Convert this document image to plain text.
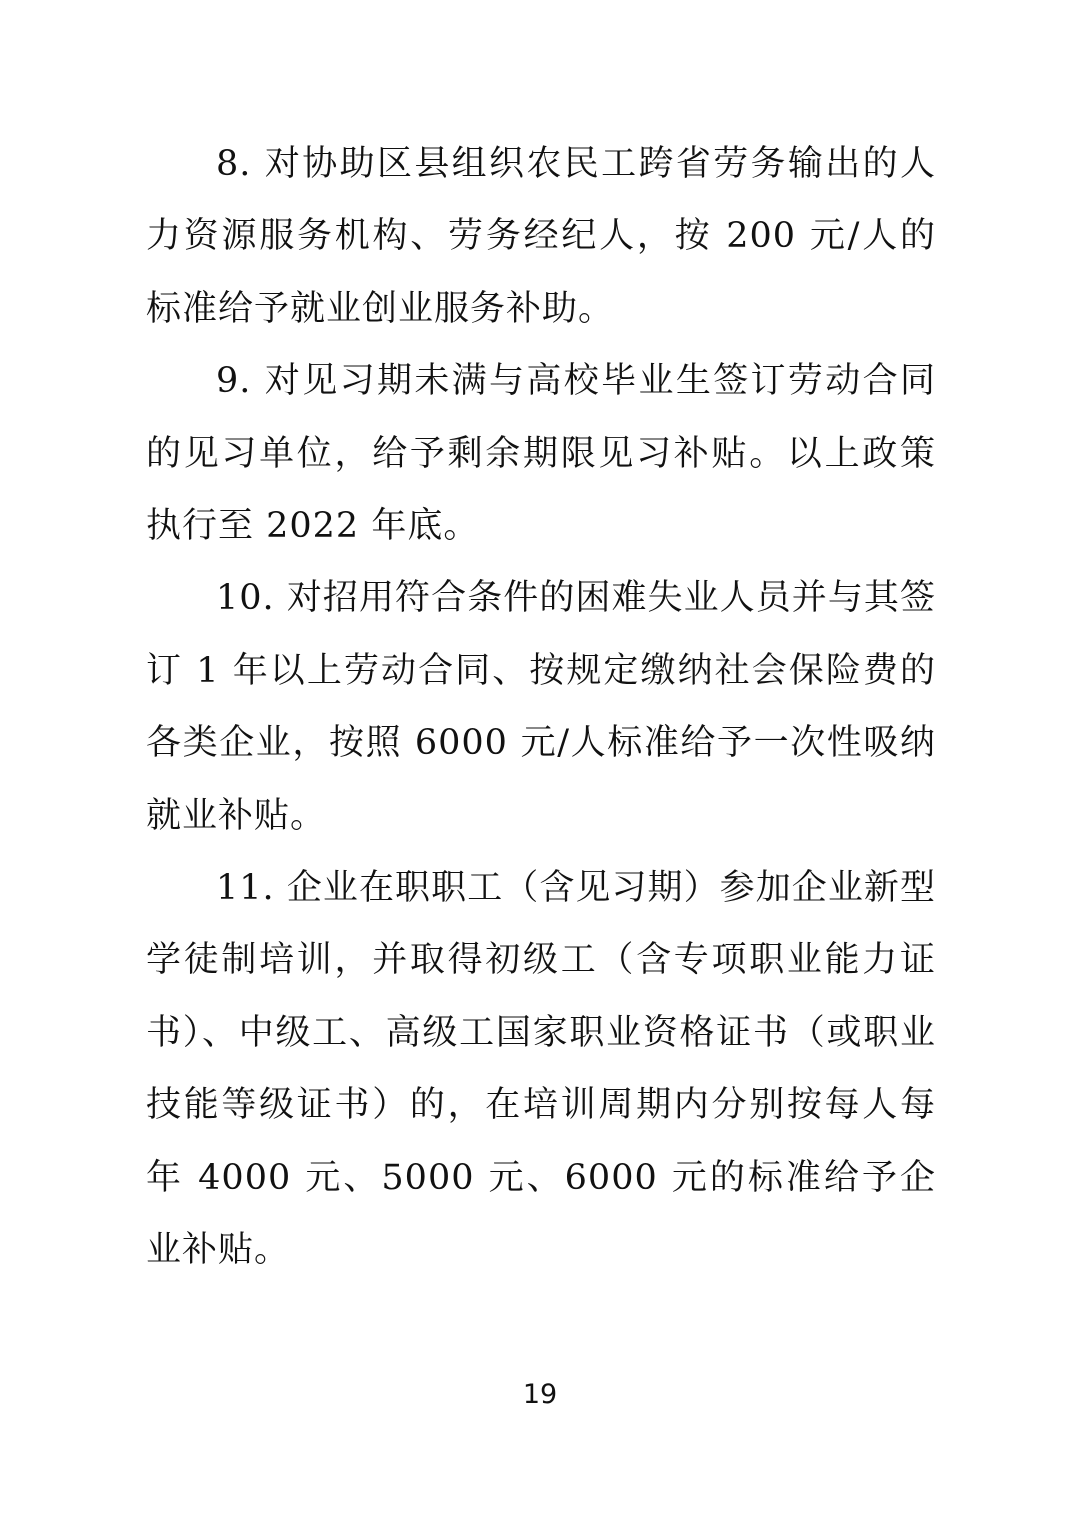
8. 对协助区县组织农民工跨省劳务输出的人力资源服务机构、劳务经纪人，按 200 元/人的标准给予就业创业服务补助。

9. 对见习期未满与高校毕业生签订劳动合同的见习单位，给予剩余期限见习补贴。以上政策执行至 2022 年底。

10. 对招用符合条件的困难失业人员并与其签订 1 年以上劳动合同、按规定缴纳社会保险费的各类企业，按照 6000 元/人标准给予一次性吸纳就业补贴。

11. 企业在职职工（含见习期）参加企业新型学徒制培训，并取得初级工（含专项职业能力证书）、中级工、高级工国家职业资格证书（或职业技能等级证书）的，在培训周期内分别按每人每年 4000 元、5000 元、6000 元的标准给予企业补贴。

19
